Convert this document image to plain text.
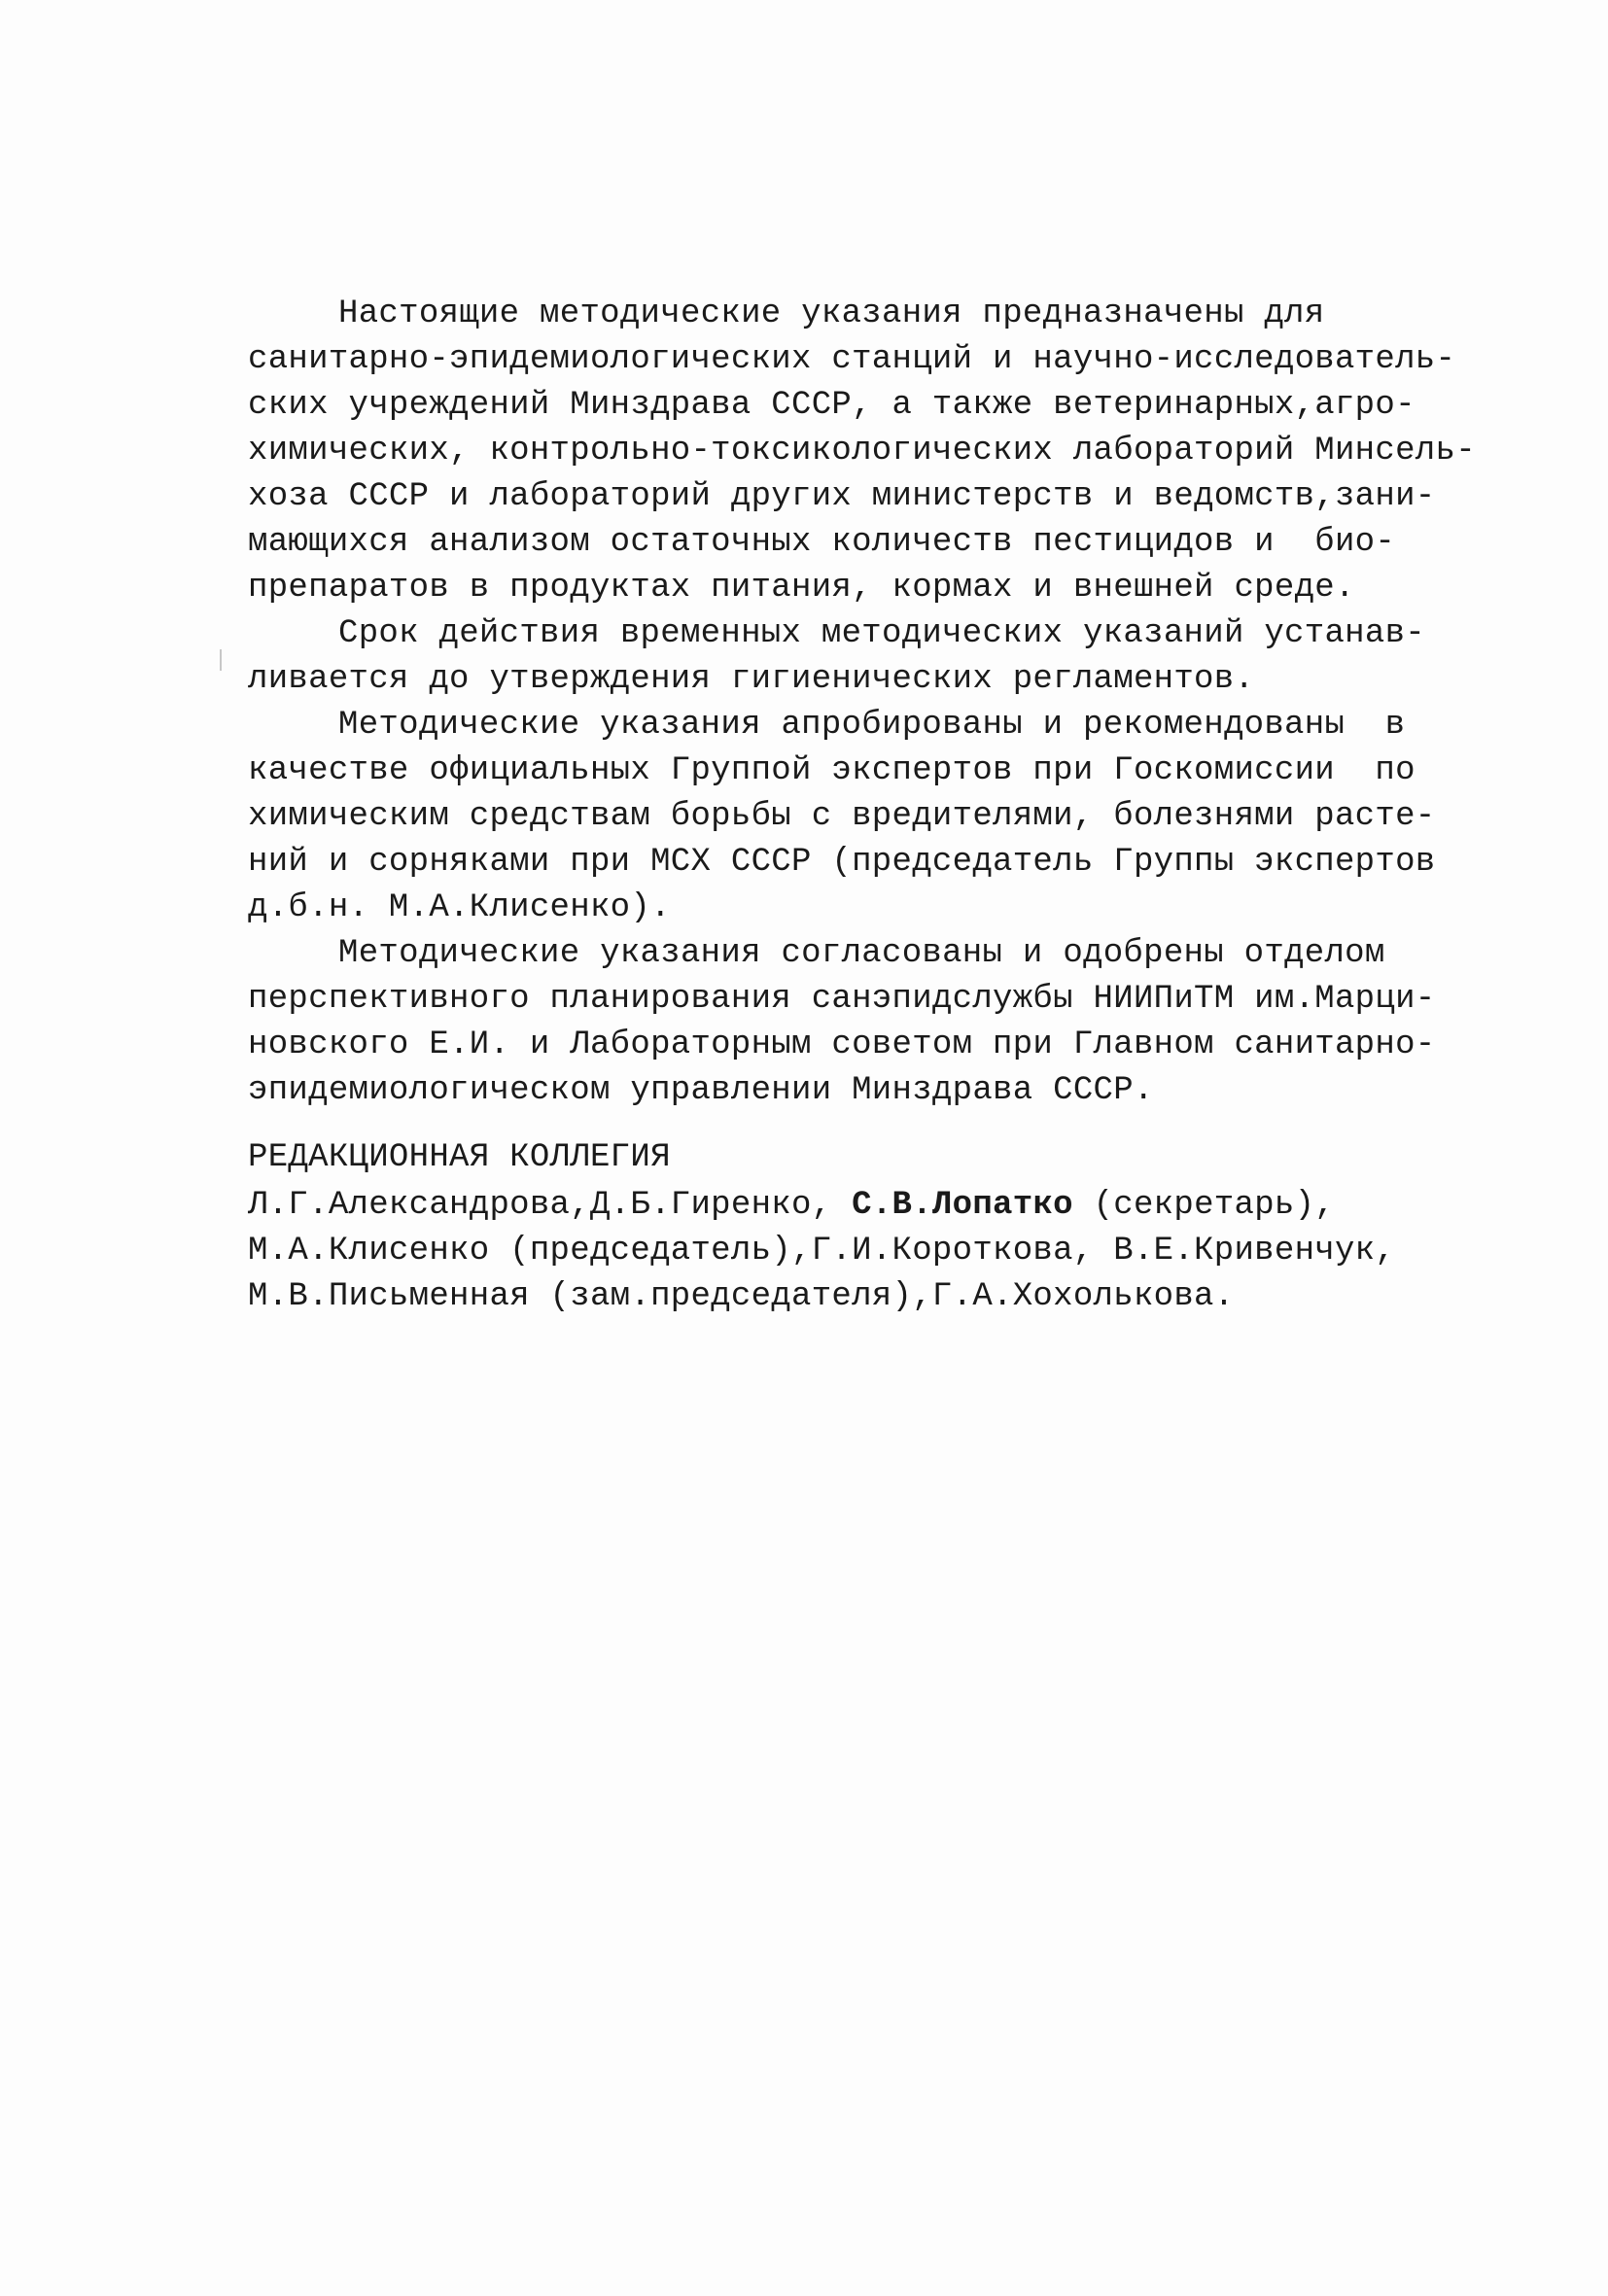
Настоящие методические указания предназначены для
санитарно-эпидемиологических станций и научно-исследователь-
ских учреждений Минздрава СССР, а также ветеринарных,агро-
химических, контрольно-токсикологических лабораторий Минсель-
хоза СССР и лабораторий других министерств и ведомств,зани-
мающихся анализом остаточных количеств пестицидов и  био-
препаратов в продуктах питания, кормах и внешней среде.
Срок действия временных методических указаний устанав-
ливается до утверждения гигиенических регламентов.
Методические указания апробированы и рекомендованы  в
качестве официальных Группой экспертов при Госкомиссии  по
химическим средствам борьбы с вредителями, болезнями расте-
ний и сорняками при МСХ СССР (председатель Группы экспертов
д.б.н. М.А.Клисенко).
Методические указания согласованы и одобрены отделом
перспективного планирования санэпидслужбы НИИПиТМ им.Марци-
новского Е.И. и Лабораторным советом при Главном санитарно-
эпидемиологическом управлении Минздрава СССР.
РЕДАКЦИОННАЯ КОЛЛЕГИЯ
Л.Г.Александрова,Д.Б.Гиренко, С.В.Лопатко (секретарь),
М.А.Клисенко (председатель),Г.И.Короткова, В.Е.Кривенчук,
М.В.Письменная (зам.председателя),Г.А.Хохолькова.
